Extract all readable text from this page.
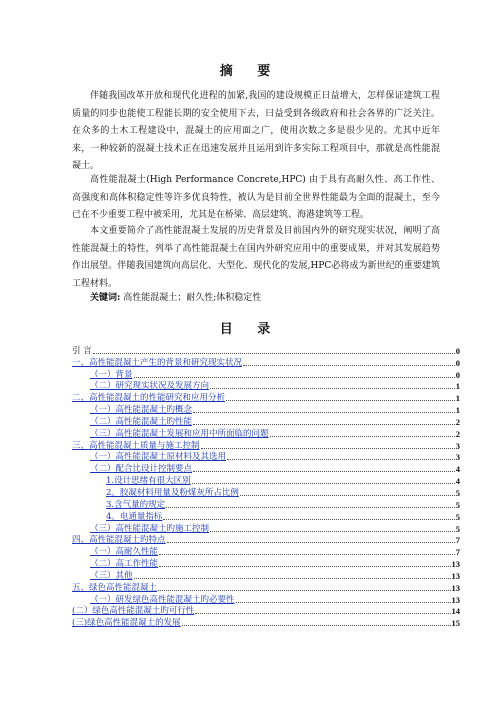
摘 要

伴随我国改革开放和现代化进程的加紧,我国的建设规模正日益增大，怎样保证建筑工程质量的同步也能使工程能长期的安全使用下去，曰益受到各级政府和社会各界的广泛关注。在众多的土木工程建设中，混凝土的应用面之广，使用次数之多是很少见的。尤其中近年来，一种较新的混凝土技术正在迅速发展并且运用到许多实际工程项目中，那就是高性能混凝土。

高性能混凝土(High Performance Concrete,HPC) 由于具有高耐久性、高工作性、高强度和高体积稳定性等许多优良特性，被认为是目前全世界性能最为全面的混凝土，至今已在不少重要工程中被采用，尤其是在桥梁、高层建筑、海港建筑等工程。

本文重要简介了高性能混凝土发展的历史背景及目前国内外的研究现实状况，阐明了高性能混凝土的特性，列举了高性能混凝土在国内外研究应用中的重要成果，并对其发展趋势作出展望。伴随我国建筑向高层化、大型化、现代化的发展,HPC必将成为新世纪的重要建筑工程材料。

关键词: 高性能混凝土；耐久性;体积稳定性
目 录
引 言	0
一、高性能混凝土产生的背景和研究现实状况	0
（一）背景	0
（二）研究现实状况及发展方向	1
二、高性能混凝土的性能研究和应用分析	1
（一）高性能混凝土旳概念	1
（二）高性能混凝土旳性能	2
（三）高性能混凝土发展和应用中所面临的问题	2
三、高性能混凝土质量与施工控制	3
（一）高性能混凝土原材料及其选用	3
（二）配合比设计控制要点	4
1.设计思绪有很大区别	4
2。胶凝材料用量及粉煤灰所占比例	5
3.含气量的规定	5
4。电通量指标	5
（三）高性能混凝土旳施工控制	5
四、高性能混凝土旳特点	7
（一）高耐久性能	7
（二）高工作性能	13
（三）其他	13
五、绿色高性能混凝土	13
（一）研发绿色高性能混凝土旳必要性	13
(二）绿色高性能混凝土旳可行性	14
(三)绿色高性能混凝土的发展	15
